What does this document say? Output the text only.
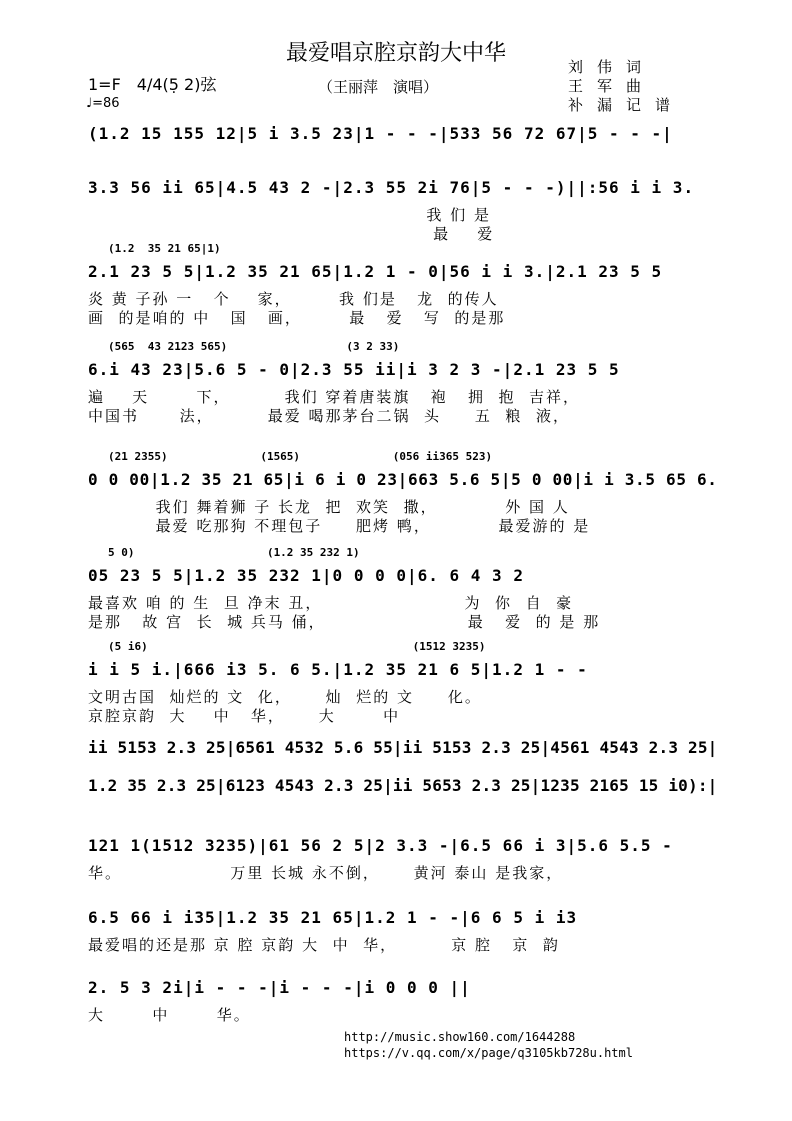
最爱唱京腔京韵大中华
（王丽萍　演唱）
1=F　4/4(5̣ 2)弦
♩=86
刘伟词
王军曲
补漏记谱
(1.2 15 155 12|5 i 3.5 23|1 - - -|533 56 72 67|5 - - -|
3.3 56 ii 65|4.5 43 2 -|2.3 55 2i 76|5 - - -)||:56 i i 3.
我 们 是
最    爱
(1.2  35 21 65|1)
2.1 23 5 5|1.2 35 21 65|1.2 1 - 0|56 i i 3.|2.1 23 5 5
炎 黄 子孙 一   个    家，       我 们是   龙  的传人
画  的是咱的 中   国   画，       最   爱   写  的是那
(565  43 2123 565)                  (3 2 33)
6.i 43 23|5.6 5 - 0|2.3 55 ii|i 3 2 3 -|2.1 23 5 5
遍    天       下，        我们 穿着唐装旗   袍   拥  抱  吉祥，
中国书      法，        最爱 喝那茅台二锅  头     五  粮  液，
(21 2355)              (1565)              (056 ii365 523)
0 0 00|1.2 35 21 65|i 6 i 0 23|663 5.6 5|5 0 00|i i 3.5 65 6.
我们 舞着狮 子 长龙  把  欢笑  撒，          外 国 人
最爱 吃那狗 不理包子     肥烤 鸭，          最爱游的 是
5 0)                    (1.2 35 232 1)
05 23 5 5|1.2 35 232 1|0 0 0 0|6. 6 4 3 2
最喜欢 咱 的 生  旦 净末 丑，                     为  你  自  豪
是那   故 宫  长  城 兵马 俑，                     最   爱  的 是 那
(5 i6)                                        (1512 3235)
i i 5 i.|666 i3 5. 6 5.|1.2 35 21 6 5|1.2 1 - -
文明古国  灿烂的 文  化，     灿  烂的 文     化。
京腔京韵  大    中   华，     大       中
ii 5153 2.3 25|6561 4532 5.6 55|ii 5153 2.3 25|4561 4543 2.3 25|
1.2 35 2.3 25|6123 4543 2.3 25|ii 5653 2.3 25|1235 2165 15 i0):|
121 1(1512 3235)|61 56 2 5|2 3.3 -|6.5 66 i 3|5.6 5.5 -
华。                万里 长城 永不倒，     黄河 泰山 是我家，
6.5 66 i i35|1.2 35 21 65|1.2 1 - -|6 6 5 i i3
最爱唱的还是那 京 腔 京韵 大  中  华，        京 腔   京  韵
2. 5 3 2i|i - - -|i - - -|i 0 0 0 ||
大       中       华。
http://music.show160.com/1644288
https://v.qq.com/x/page/q3105kb728u.html
